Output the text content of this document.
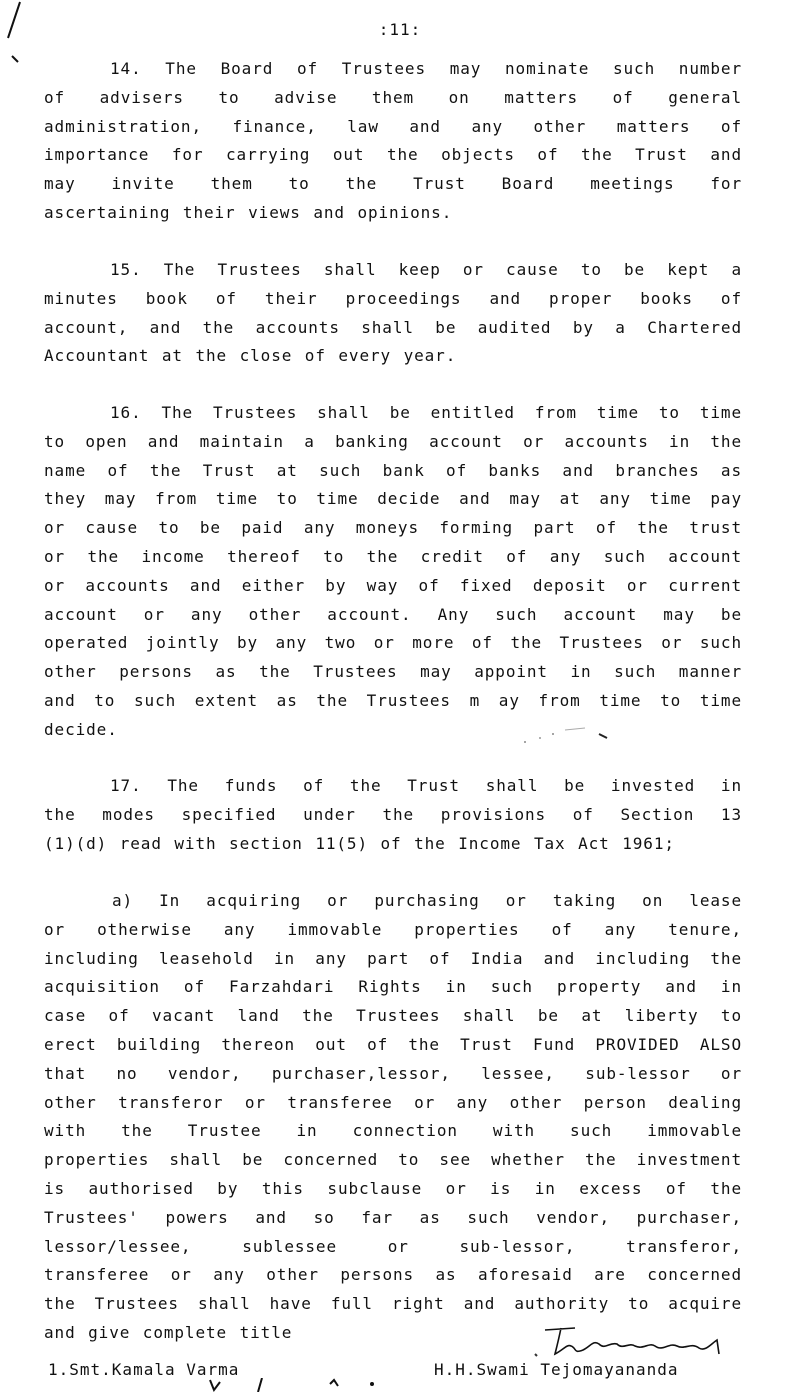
:11:
14. The Board of Trustees may nominate such number
of advisers to advise them on matters of general
administration, finance, law and any other matters of
importance for carrying out the objects of the Trust and
may invite them to the Trust Board meetings for
ascertaining their views and opinions.
15. The Trustees shall keep or cause to be kept a
minutes book of their proceedings and proper books of
account, and the accounts shall be audited by a Chartered
Accountant at the close of every year.
16. The Trustees shall be entitled from time to time
to open and maintain a banking account or accounts in the
name of the Trust at such bank of banks and branches as
they may from time to time decide and may at any time pay
or cause to be paid any moneys forming part of the trust
or the income thereof to the credit of any such account
or accounts and either by way of fixed deposit or current
account or any other account. Any such account may be
operated jointly by any two or more of the Trustees or such
other persons as the Trustees may appoint in such manner
and to such extent as the Trustees m ay from time to time
decide.
17. The funds of the Trust shall be invested in
the modes specified under the provisions of Section 13
(1)(d) read with section 11(5) of the Income Tax Act 1961;
a) In acquiring or purchasing or taking on lease
or otherwise any immovable properties of any tenure,
including leasehold in any part of India and including the
acquisition of Farzahdari Rights in such property and in
case of vacant land the Trustees shall be at liberty to
erect building thereon out of the Trust Fund PROVIDED ALSO
that no vendor, purchaser,lessor, lessee, sub-lessor or
other transferor or transferee or any other person dealing
with the Trustee in connection with such immovable
properties shall be concerned to see whether the investment
is authorised by this subclause or is in excess of the
Trustees' powers and so far as such vendor, purchaser,
lessor/lessee, sublessee or sub-lessor, transferor,
transferee or any other persons as aforesaid are concerned
the Trustees shall have full right and authority to acquire
and give complete title
1.Smt.Kamala Varma	H.H.Swami Tejomayananda
